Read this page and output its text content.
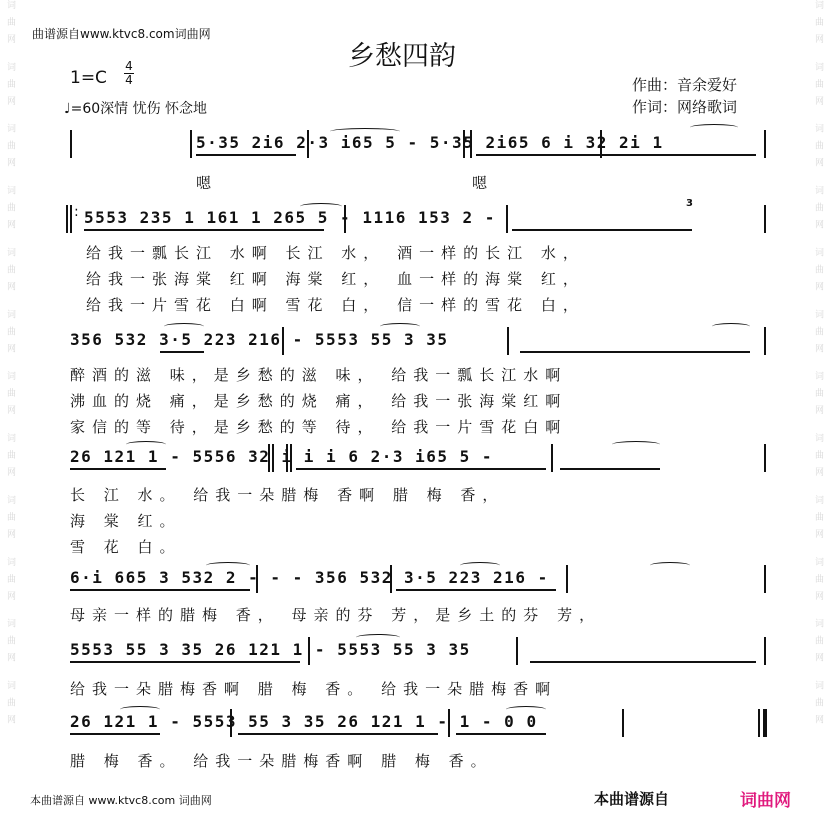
词曲网 词曲网 词曲网 词曲网 词曲网 词曲网 词曲网 词曲网 词曲网 词曲网 词曲网 词曲网
词曲网 词曲网 词曲网 词曲网 词曲网 词曲网 词曲网 词曲网 词曲网 词曲网 词曲网 词曲网
曲谱源自www.ktvc8.com词曲网
乡愁四韵
1=C
4
4
♩=60深情 忧伤 怀念地
作曲：音余爱好
作词：网络歌词
5·35 2i6 2·3 i65 5 - 5·35 2i65 6 i 32 2i 1
嗯	嗯
: 5553 235 1 161 1 265 5 - 1116 153 2 -
3
给我一瓢长江 水啊 长江 水， 酒一样的长江 水，
给我一张海棠 红啊 海棠 红， 血一样的海棠 红，
给我一片雪花 白啊 雪花 白， 信一样的雪花 白，
356 532 3·5 223 216 - 5553 55 3 35
醉酒的滋 味，是乡愁的滋 味， 给我一瓢长江水啊
沸血的烧 痛，是乡愁的烧 痛， 给我一张海棠红啊
家信的等 待，是乡愁的等 待， 给我一片雪花白啊
26 121 1 - 5556 32 i i i 6 2·3 i65 5 -
长 江 水。 给我一朵腊梅 香啊 腊 梅 香，
海 棠 红。
雪 花 白。
6·i 665 3 532 2 - - - 356 532 3·5 223 216 -
母亲一样的腊梅 香， 母亲的芬 芳，是乡土的芬 芳，
5553 55 3 35 26 121 1 - 5553 55 3 35
给我一朵腊梅香啊 腊 梅 香。 给我一朵腊梅香啊
26 121 1 - 5553 55 3 35 26 121 1 - 1 - 0 0
腊 梅 香。 给我一朵腊梅香啊 腊 梅 香。
本曲谱源自 www.ktvc8.com 词曲网	本曲谱源自	词曲网
